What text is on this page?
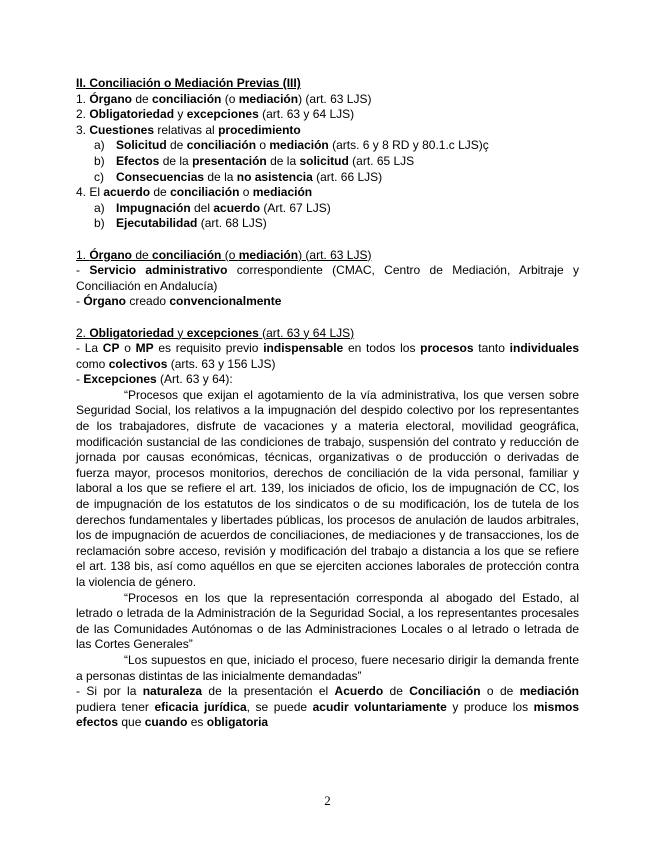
II. Conciliación o Mediación Previas (III)
1. Órgano de conciliación (o mediación) (art. 63 LJS)
2. Obligatoriedad y excepciones (art. 63 y 64 LJS)
3. Cuestiones relativas al procedimiento
a) Solicitud de conciliación o mediación (arts. 6 y 8 RD y 80.1.c LJS)ç
b) Efectos de la presentación de la solicitud (art. 65 LJS
c) Consecuencias de la no asistencia (art. 66 LJS)
4. El acuerdo de conciliación o mediación
a) Impugnación del acuerdo (Art. 67 LJS)
b) Ejecutabilidad (art. 68 LJS)
1. Órgano de conciliación (o mediación) (art. 63 LJS)
- Servicio administrativo correspondiente (CMAC, Centro de Mediación, Arbitraje y Conciliación en Andalucía)
- Órgano creado convencionalmente
2. Obligatoriedad y excepciones (art. 63 y 64 LJS)
- La CP o MP es requisito previo indispensable en todos los procesos tanto individuales como colectivos (arts. 63 y 156 LJS)
- Excepciones (Art. 63 y 64):
“Procesos que exijan el agotamiento de la vía administrativa, los que versen sobre Seguridad Social, los relativos a la impugnación del despido colectivo por los representantes de los trabajadores, disfrute de vacaciones y a materia electoral, movilidad geográfica, modificación sustancial de las condiciones de trabajo, suspensión del contrato y reducción de jornada por causas económicas, técnicas, organizativas o de producción o derivadas de fuerza mayor, procesos monitorios, derechos de conciliación de la vida personal, familiar y laboral a los que se refiere el art. 139, los iniciados de oficio, los de impugnación de CC, los de impugnación de los estatutos de los sindicatos o de su modificación, los de tutela de los derechos fundamentales y libertades públicas, los procesos de anulación de laudos arbitrales, los de impugnación de acuerdos de conciliaciones, de mediaciones y de transacciones, los de reclamación sobre acceso, revisión y modificación del trabajo a distancia a los que se refiere el art. 138 bis, así como aquéllos en que se ejerciten acciones laborales de protección contra la violencia de género.
“Procesos en los que la representación corresponda al abogado del Estado, al letrado o letrada de la Administración de la Seguridad Social, a los representantes procesales de las Comunidades Autónomas o de las Administraciones Locales o al letrado o letrada de las Cortes Generales”
“Los supuestos en que, iniciado el proceso, fuere necesario dirigir la demanda frente a personas distintas de las inicialmente demandadas”
- Si por la naturaleza de la presentación el Acuerdo de Conciliación o de mediación pudiera tener eficacia jurídica, se puede acudir voluntariamente y produce los mismos efectos que cuando es obligatoria
2
